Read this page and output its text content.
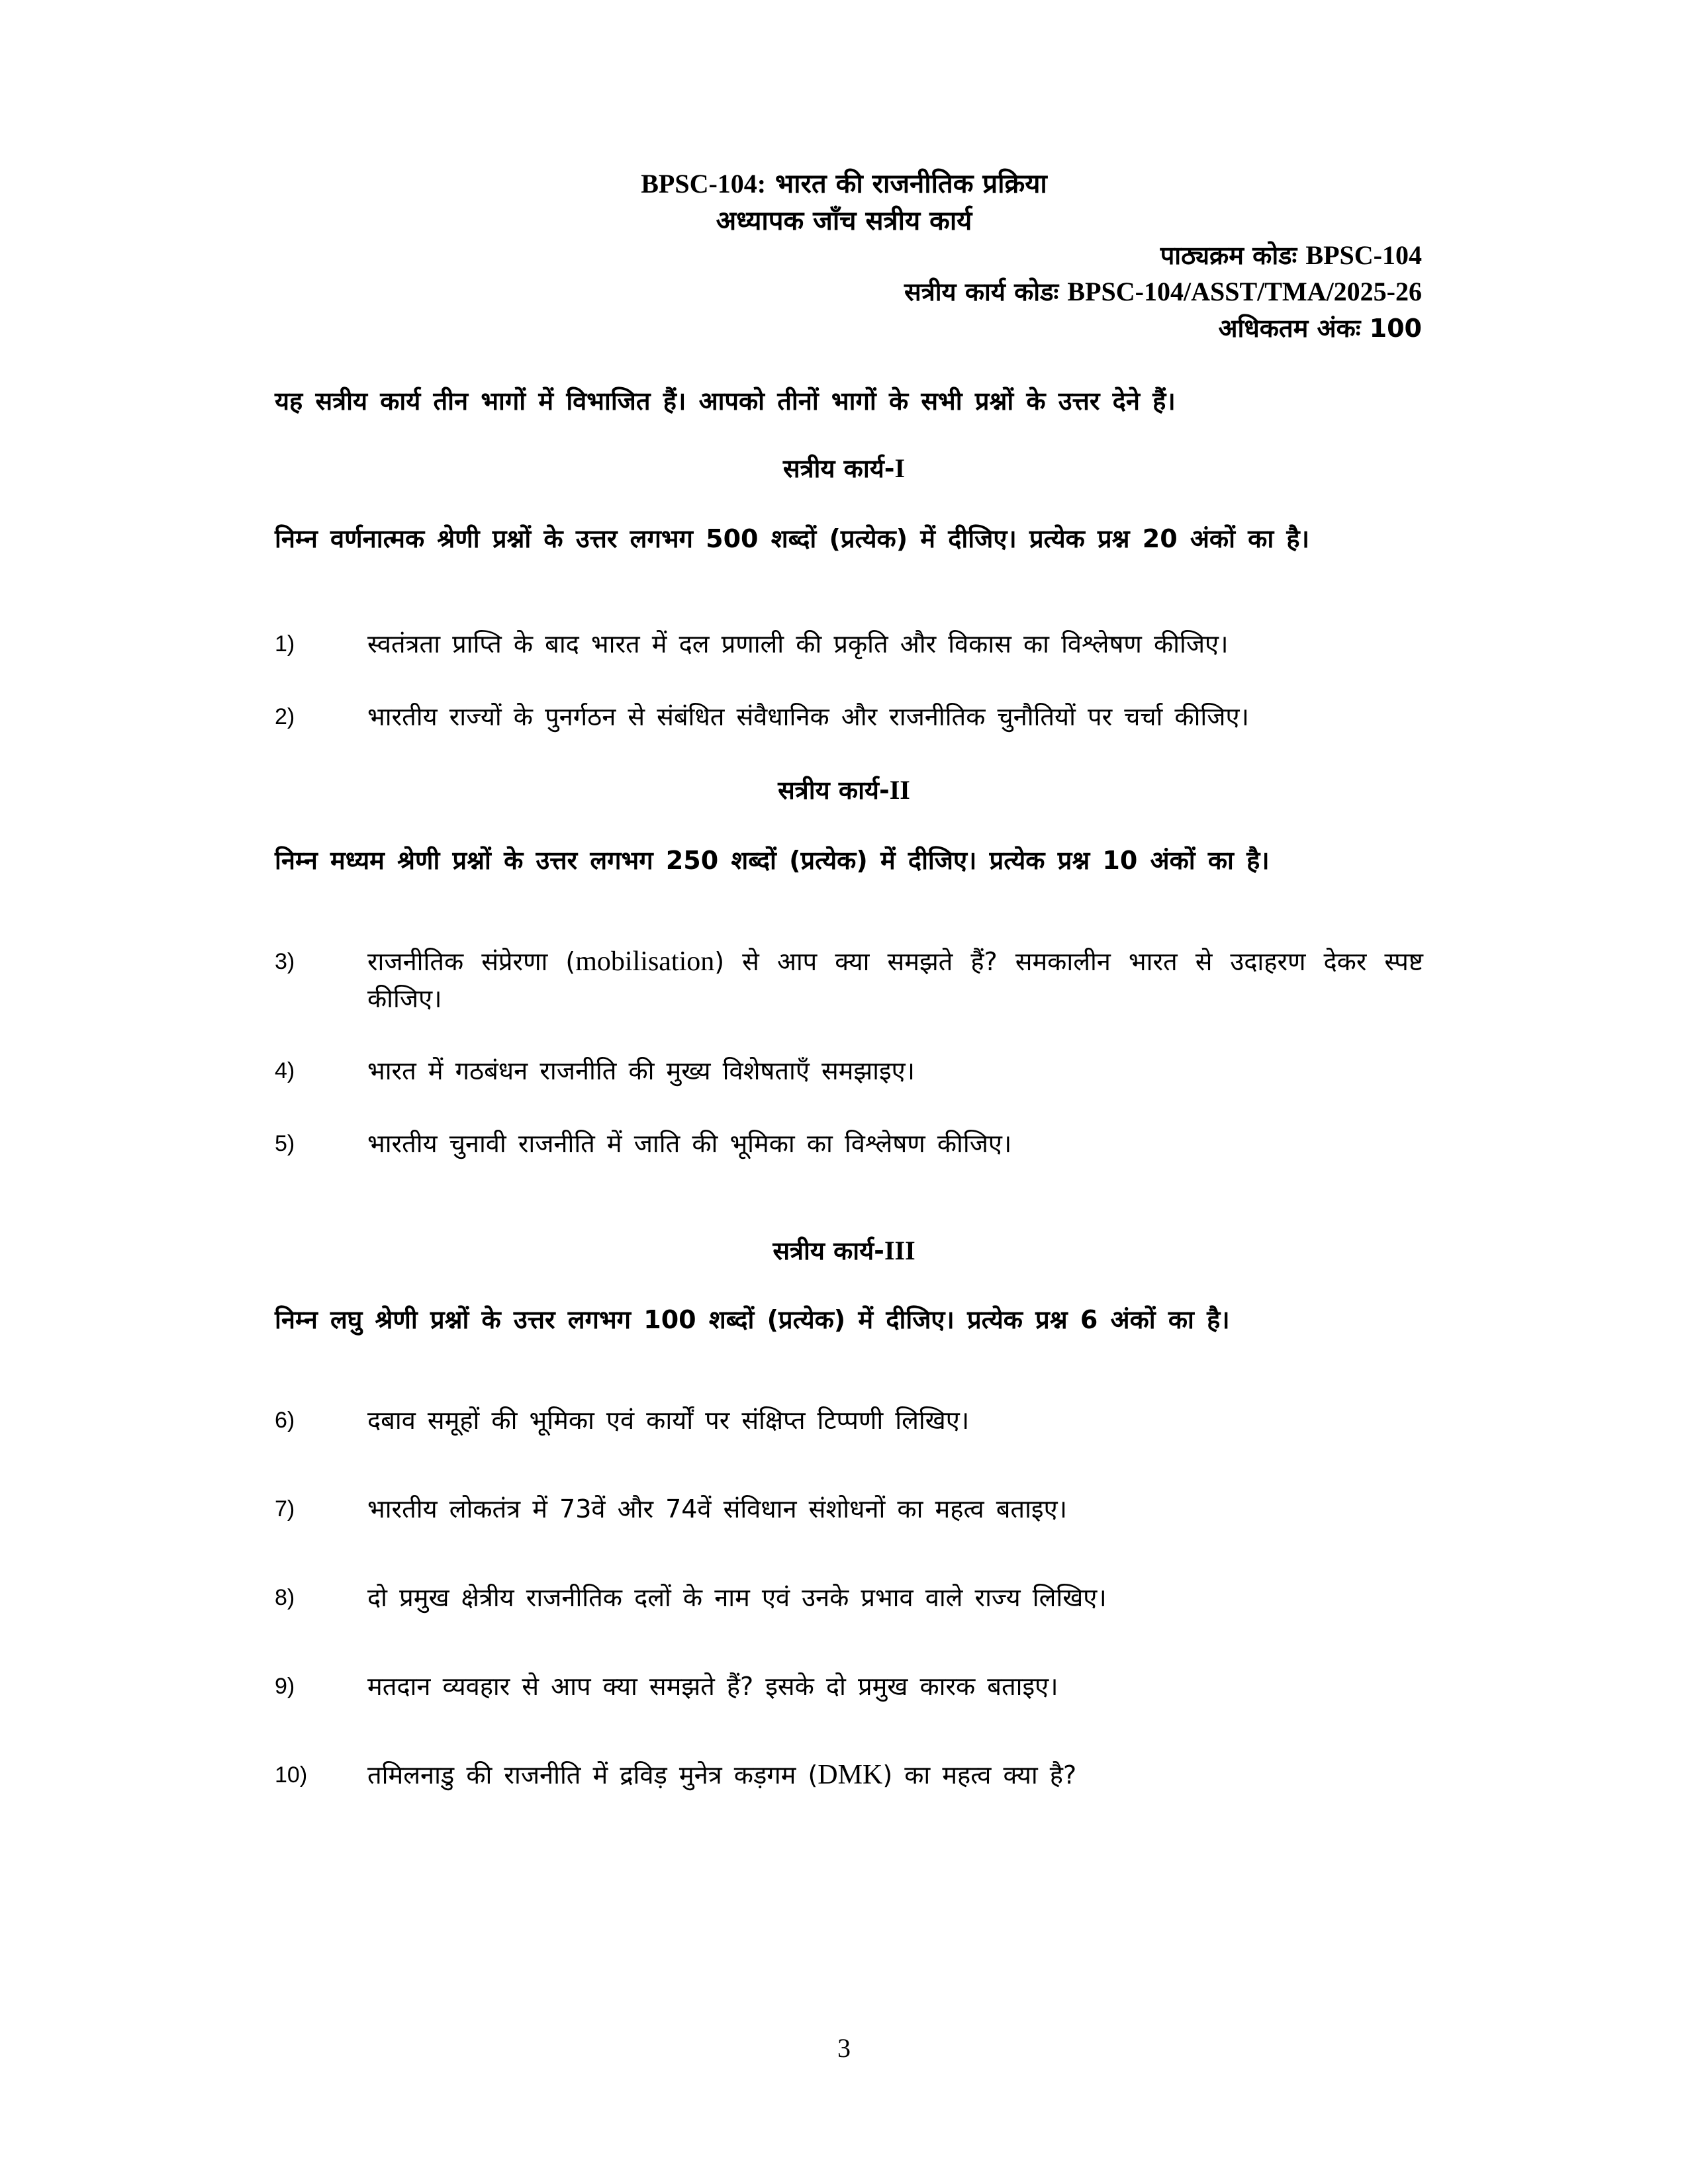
BPSC-104: भारत की राजनीतिक प्रक्रिया
अध्यापक जाँच सत्रीय कार्य
पाठ्यक्रम कोडः BPSC-104
सत्रीय कार्य कोडः BPSC-104/ASST/TMA/2025-26
अधिकतम अंकः 100
यह सत्रीय कार्य तीन भागों में विभाजित हैं। आपको तीनों भागों के सभी प्रश्नों के उत्तर देने हैं।
सत्रीय कार्य-I
निम्न वर्णनात्मक श्रेणी प्रश्नों के उत्तर लगभग 500 शब्दों (प्रत्येक) में दीजिए। प्रत्येक प्रश्न 20 अंकों का है।
1)	स्वतंत्रता प्राप्ति के बाद भारत में दल प्रणाली की प्रकृति और विकास का विश्लेषण कीजिए।
2)	भारतीय राज्यों के पुनर्गठन से संबंधित संवैधानिक और राजनीतिक चुनौतियों पर चर्चा कीजिए।
सत्रीय कार्य-II
निम्न मध्यम श्रेणी प्रश्नों के उत्तर लगभग 250 शब्दों (प्रत्येक) में दीजिए। प्रत्येक प्रश्न 10 अंकों का है।
3)	राजनीतिक संप्रेरणा (mobilisation) से आप क्या समझते हैं? समकालीन भारत से उदाहरण देकर स्पष्ट कीजिए।
4)	भारत में गठबंधन राजनीति की मुख्य विशेषताएँ समझाइए।
5)	भारतीय चुनावी राजनीति में जाति की भूमिका का विश्लेषण कीजिए।
सत्रीय कार्य-III
निम्न लघु श्रेणी प्रश्नों के उत्तर लगभग 100 शब्दों (प्रत्येक) में दीजिए। प्रत्येक प्रश्न 6 अंकों का है।
6)	दबाव समूहों की भूमिका एवं कार्यों पर संक्षिप्त टिप्पणी लिखिए।
7)	भारतीय लोकतंत्र में 73वें और 74वें संविधान संशोधनों का महत्व बताइए।
8)	दो प्रमुख क्षेत्रीय राजनीतिक दलों के नाम एवं उनके प्रभाव वाले राज्य लिखिए।
9)	मतदान व्यवहार से आप क्या समझते हैं? इसके दो प्रमुख कारक बताइए।
10)	तमिलनाडु की राजनीति में द्रविड़ मुनेत्र कड़गम (DMK) का महत्व क्या है?
3
